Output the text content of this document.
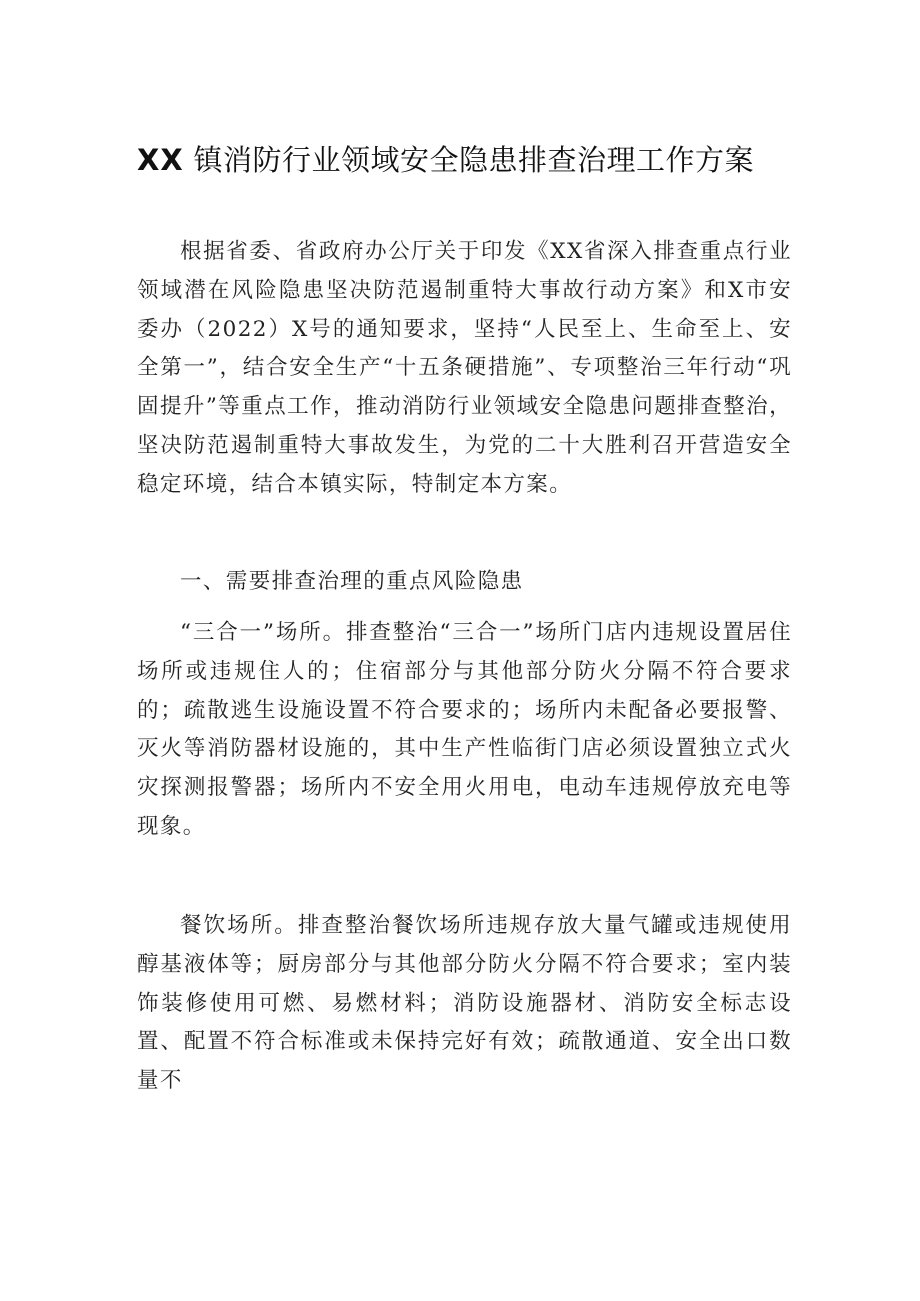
XX 镇消防行业领域安全隐患排查治理工作方案

根据省委、省政府办公厅关于印发《XX省深入排查重点行业领域潜在风险隐患坚决防范遏制重特大事故行动方案》和X市安委办（2022）X号的通知要求，坚持“人民至上、生命至上、安全第一”，结合安全生产“十五条硬措施”、专项整治三年行动“巩固提升”等重点工作，推动消防行业领域安全隐患问题排查整治，坚决防范遏制重特大事故发生，为党的二十大胜利召开营造安全稳定环境，结合本镇实际，特制定本方案。

一、需要排查治理的重点风险隐患

“三合一”场所。排查整治“三合一”场所门店内违规设置居住场所或违规住人的；住宿部分与其他部分防火分隔不符合要求的；疏散逃生设施设置不符合要求的；场所内未配备必要报警、灭火等消防器材设施的，其中生产性临街门店必须设置独立式火灾探测报警器；场所内不安全用火用电，电动车违规停放充电等现象。

餐饮场所。排查整治餐饮场所违规存放大量气罐或违规使用醇基液体等；厨房部分与其他部分防火分隔不符合要求；室内装饰装修使用可燃、易燃材料；消防设施器材、消防安全标志设置、配置不符合标准或未保持完好有效；疏散通道、安全出口数量不
